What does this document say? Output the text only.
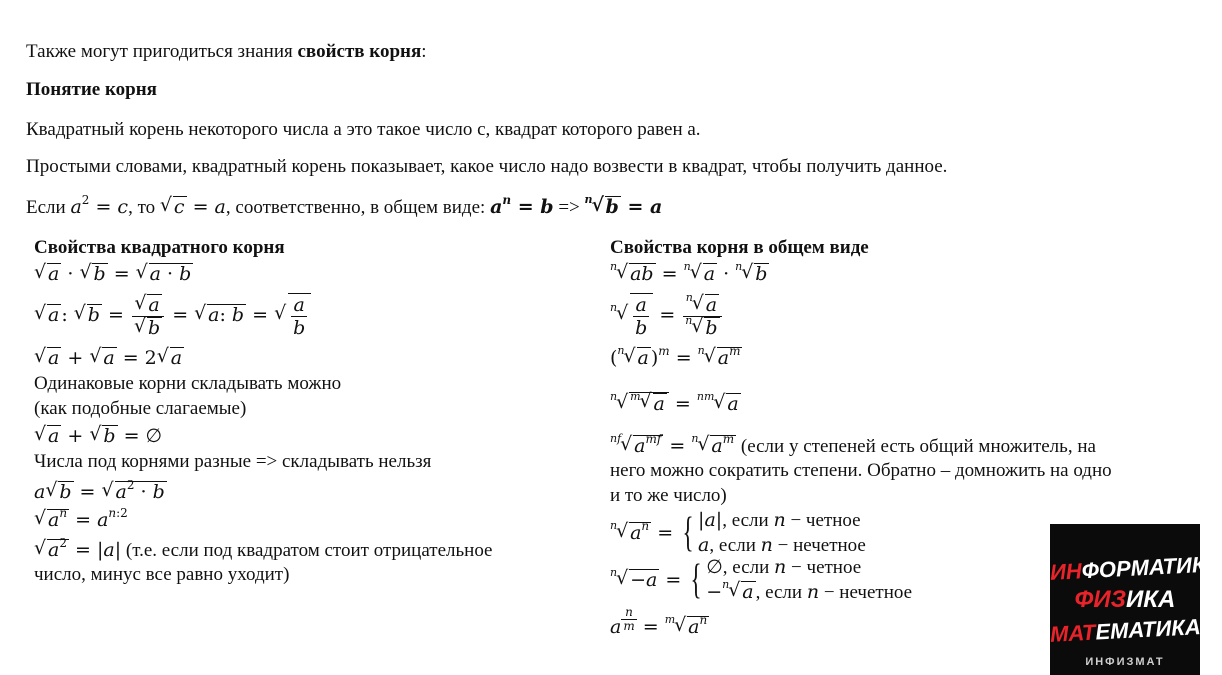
Также могут пригодиться знания свойств корня:
Понятие корня
Квадратный корень некоторого числа а это такое число с, квадрат которого равен а.
Простыми словами, квадратный корень показывает, какое число надо возвести в квадрат, чтобы получить данное.
Если $a^2 = c$, то √ c = a, соответственно, в общем виде: $a^n = b => ^n√$ b = a
Свойства квадратного корня
√ a · √ b = √ a · b
√ a : √ b =
√ a
√ b = √ a: b =
√ $\frac{a}{b}$
√ a + √ a = 2√ a
Одинаковые корни складывать можно
(как подобные слагаемые)
√ a + √ b = ∅
Числа под корнями разные => складывать нельзя
a√ b = √ $a^2 \cdot b$
√ $a^n = a^{n:2}$
√ $a^2 = |a|$ (т.е. если под квадратом стоит отрицательное
число, минус все равно уходит)
Свойства корня в общем виде
$^n$√ ab = $^n$√ a · $^n$√ b
$^n$
√ $\frac{a}{b} = \frac{^n√ a}{^n√ b}$
($^n$√ a )$^m$ = $^n$√ $a^m$
$^n$√ $^m$√ a = $^{nm}$√ a
$^{nf}$√ $a^{mf} = ^n√$ $a^m$ (если у степеней есть общий множитель, на
него можно сократить степени. Обратно – домножить на одно
и то же число)
$^n$√ $a^n$ = { |a|, если n − четное
a, если n − нечетное
$^n$√ −a = { ∅, если n − четное
−$^n$√ a , если n − нечетное
a $^{\frac{n}{m}}$ = $^m$√ $a^n$
ИНФОРМАТИКА
ФИЗИКА
МАТЕМАТИКА
ИНФИЗМАТ
